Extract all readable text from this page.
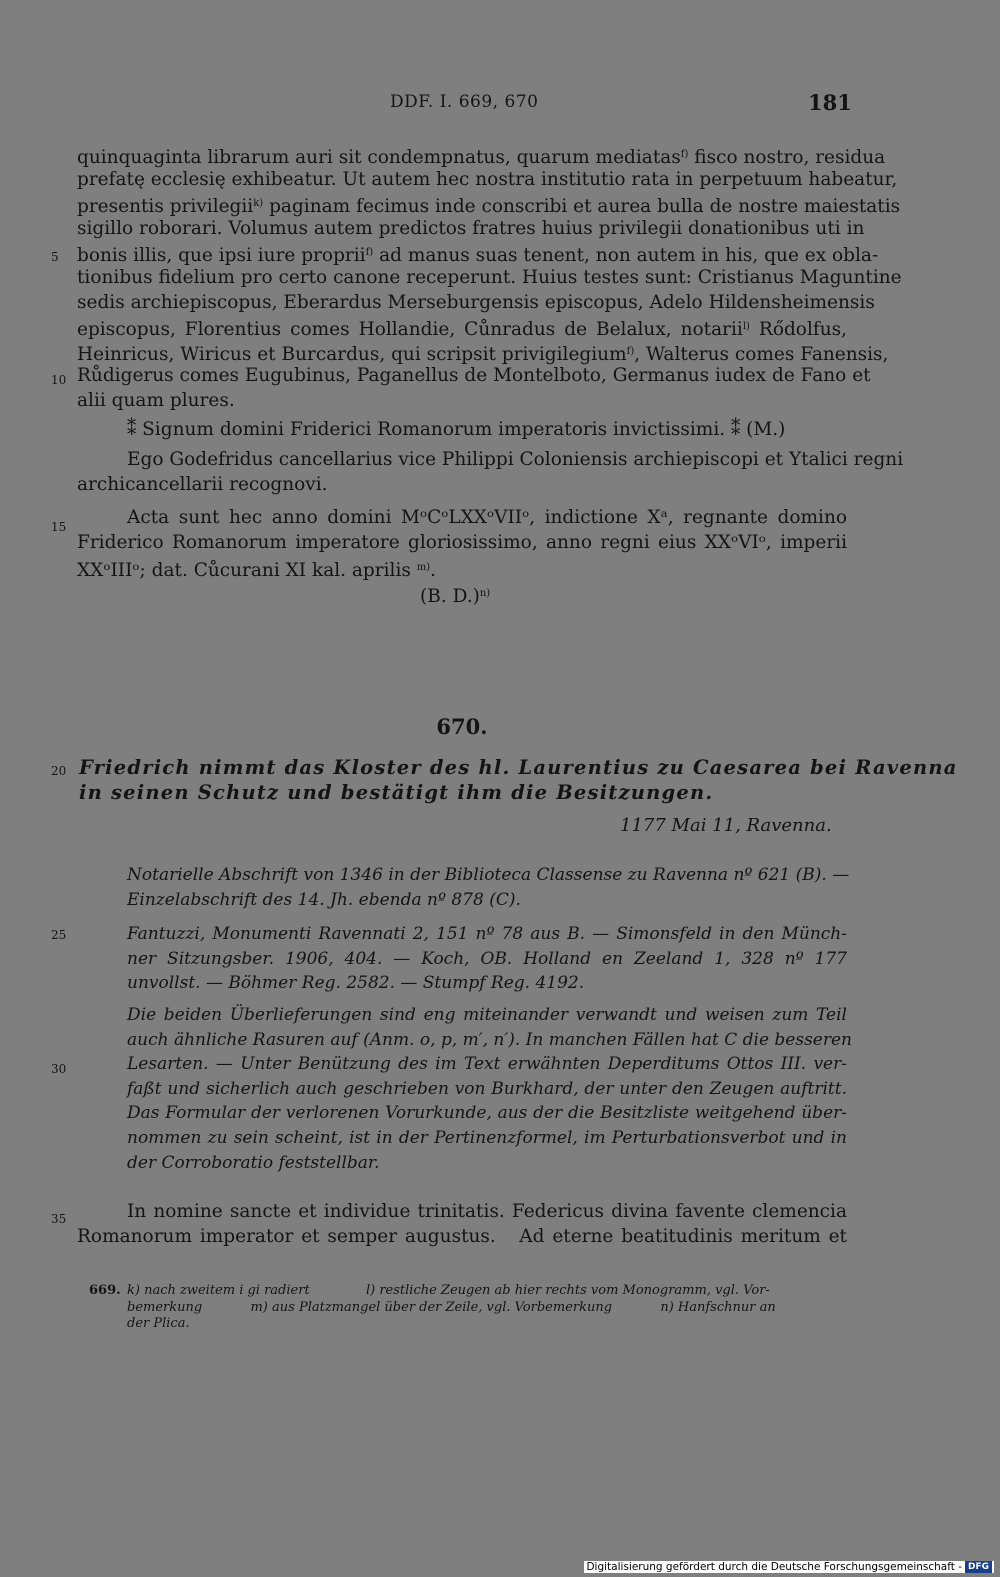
DDF. I. 669, 670	181
5
10
15
20
25
30
35
quinquaginta librarum auri sit condempnatus, quarum mediatas$^{f)}$ fisco nostro, residua
prefatę ecclesię exhibeatur. Ut autem hec nostra institutio rata in perpetuum habeatur,
presentis privilegii$^{k)}$ paginam fecimus inde conscribi et aurea bulla de nostre maiestatis
sigillo roborari. Volumus autem predictos fratres huius privilegii donationibus uti in
bonis illis, que ipsi iure proprii$^{f)}$ ad manus suas tenent, non autem in his, que ex obla-
tionibus fidelium pro certo canone receperunt. Huius testes sunt: Cristianus Maguntine
sedis archiepiscopus, Eberardus Merseburgensis episcopus, Adelo Hildensheimensis
episcopus, Florentius comes Hollandie, Cůnradus de Belalux, notarii$^{l)}$ Rődolfus,
Heinricus, Wiricus et Burcardus, qui scripsit privigilegium$^{f)}$, Walterus comes Fanensis,
Růdigerus comes Eugubinus, Paganellus de Montelboto, Germanus iudex de Fano et
alii quam plures.
⁑ Signum domini Friderici Romanorum imperatoris invictissimi. ⁑ (M.)
Ego Godefridus cancellarius vice Philippi Coloniensis archiepiscopi et Ytalici regni
archicancellarii recognovi.
Acta sunt hec anno domini MᵒCᵒLXXᵒVIIᵒ, indictione Xᵃ, regnante domino
Friderico Romanorum imperatore gloriosissimo, anno regni eius XXᵒVIᵒ, imperii
XXᵒIIIᵒ; dat. Cůcurani XI kal. aprilis $^{m)}$.
(B. D.)$^{n)}$
670.
Friedrich nimmt das Kloster des hl. Laurentius zu Caesarea bei Ravenna
in seinen Schutz und bestätigt ihm die Besitzungen.
1177 Mai 11, Ravenna.
Notarielle Abschrift von 1346 in der Biblioteca Classense zu Ravenna nº 621 (B). —
Einzelabschrift des 14. Jh. ebenda nº 878 (C).
Fantuzzi, Monumenti Ravennati 2, 151 nº 78 aus B. — Simonsfeld in den Münch-
ner Sitzungsber. 1906, 404. — Koch, OB. Holland en Zeeland 1, 328 nº 177
unvollst. — Böhmer Reg. 2582. — Stumpf Reg. 4192.
Die beiden Überlieferungen sind eng miteinander verwandt und weisen zum Teil
auch ähnliche Rasuren auf (Anm. o, p, m′, n′). In manchen Fällen hat C die besseren
Lesarten. — Unter Benützung des im Text erwähnten Deperditums Ottos III. ver-
faßt und sicherlich auch geschrieben von Burkhard, der unter den Zeugen auftritt.
Das Formular der verlorenen Vorurkunde, aus der die Besitzliste weitgehend über-
nommen zu sein scheint, ist in der Pertinenzformel, im Perturbationsverbot und in
der Corroboratio feststellbar.
In nomine sancte et individue trinitatis. Federicus divina favente clemencia
Romanorum imperator et semper augustus.   Ad eterne beatitudinis meritum et
669. k) nach zweitem i gi radiert	l) restliche Zeugen ab hier rechts vom Monogramm, vgl. Vor-
bemerkung	m) aus Platzmangel über der Zeile, vgl. Vorbemerkung	n) Hanfschnur an
der Plica.
Digitalisierung gefördert durch die Deutsche Forschungsgemeinschaft - DFG
